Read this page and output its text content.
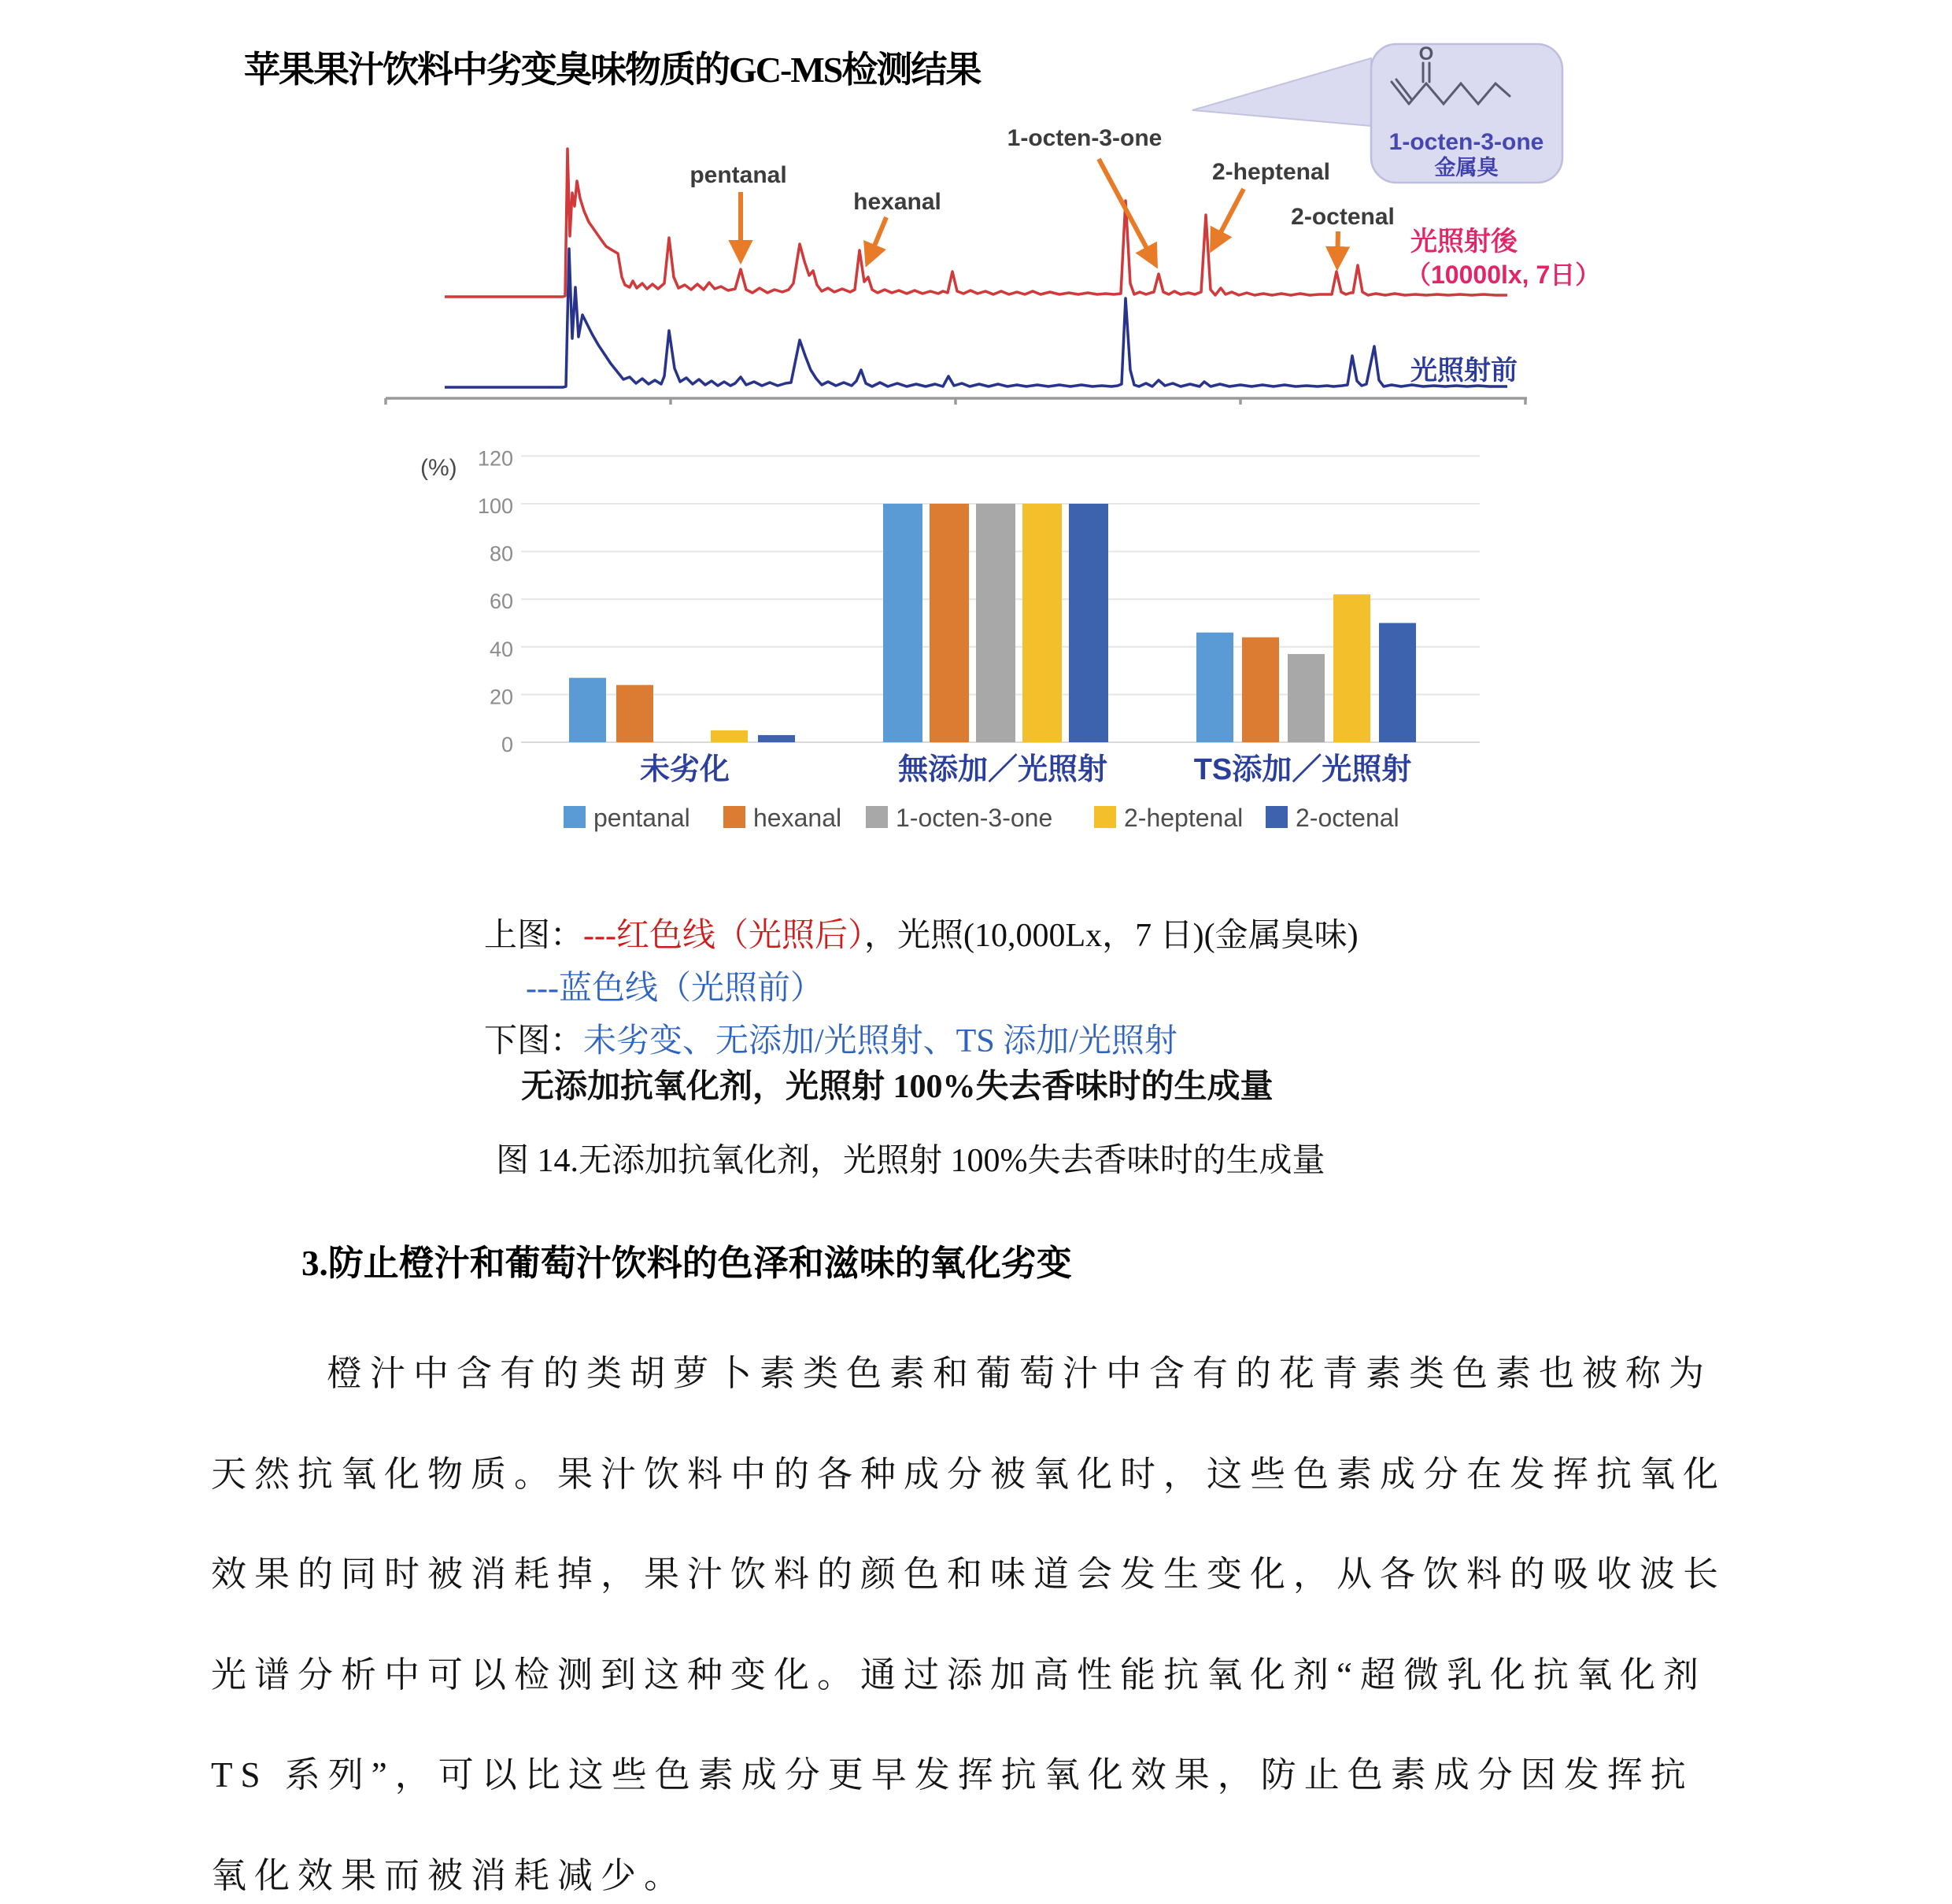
苹果果汁饮料中劣变臭味物质的GC-MS检测结果	O
1-octen-3-one
金属臭
pentanal
hexanal
1-octen-3-one
2-heptenal
2-octenal
光照射後
（10000lx, 7日）
光照射前
(%)
0
20
40
60
80
100
120
未劣化	無添加／光照射	TS添加／光照射
pentanal	hexanal 1-octen-3-one	2-heptenal 2-octenal
上图：---红色线（光照后），光照(10,000Lx，7 日)(金属臭味)
---蓝色线（光照前）
下图：未劣变、无添加/光照射、TS 添加/光照射
无添加抗氧化剂，光照射 100%失去香味时的生成量
图 14.无添加抗氧化剂，光照射 100%失去香味时的生成量
3.防止橙汁和葡萄汁饮料的色泽和滋味的氧化劣变
橙汁中含有的类胡萝卜素类色素和葡萄汁中含有的花青素类色素也被称为
天然抗氧化物质。果汁饮料中的各种成分被氧化时，这些色素成分在发挥抗氧化
效果的同时被消耗掉，果汁饮料的颜色和味道会发生变化，从各饮料的吸收波长
光谱分析中可以检测到这种变化。通过添加高性能抗氧化剂“超微乳化抗氧化剂
TS 系列”，可以比这些色素成分更早发挥抗氧化效果，防止色素成分因发挥抗
氧化效果而被消耗减少。
